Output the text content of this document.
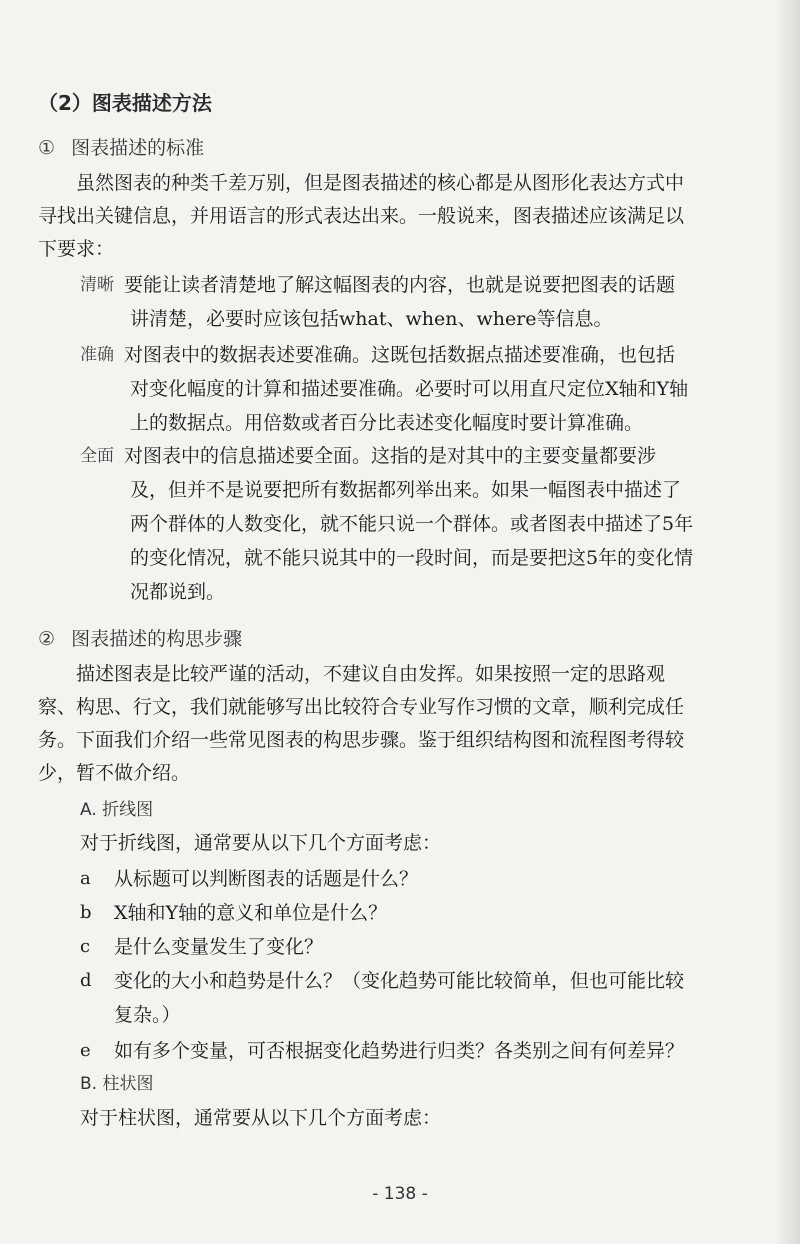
（2）图表描述方法
① 图表描述的标准
虽然图表的种类千差万别，但是图表描述的核心都是从图形化表达方式中
寻找出关键信息，并用语言的形式表达出来。一般说来，图表描述应该满足以
下要求：
清晰 要能让读者清楚地了解这幅图表的内容，也就是说要把图表的话题
讲清楚，必要时应该包括what、when、where等信息。
准确 对图表中的数据表述要准确。这既包括数据点描述要准确，也包括
对变化幅度的计算和描述要准确。必要时可以用直尺定位X轴和Y轴
上的数据点。用倍数或者百分比表述变化幅度时要计算准确。
全面 对图表中的信息描述要全面。这指的是对其中的主要变量都要涉
及，但并不是说要把所有数据都列举出来。如果一幅图表中描述了
两个群体的人数变化，就不能只说一个群体。或者图表中描述了5年
的变化情况，就不能只说其中的一段时间，而是要把这5年的变化情
况都说到。
② 图表描述的构思步骤
描述图表是比较严谨的活动，不建议自由发挥。如果按照一定的思路观
察、构思、行文，我们就能够写出比较符合专业写作习惯的文章，顺利完成任
务。下面我们介绍一些常见图表的构思步骤。鉴于组织结构图和流程图考得较
少，暂不做介绍。
A. 折线图
对于折线图，通常要从以下几个方面考虑：
a 从标题可以判断图表的话题是什么？
b X轴和Y轴的意义和单位是什么？
c 是什么变量发生了变化？
d 变化的大小和趋势是什么？（变化趋势可能比较简单，但也可能比较
复杂。）
e 如有多个变量，可否根据变化趋势进行归类？各类别之间有何差异？
B. 柱状图
对于柱状图，通常要从以下几个方面考虑：
- 138 -
